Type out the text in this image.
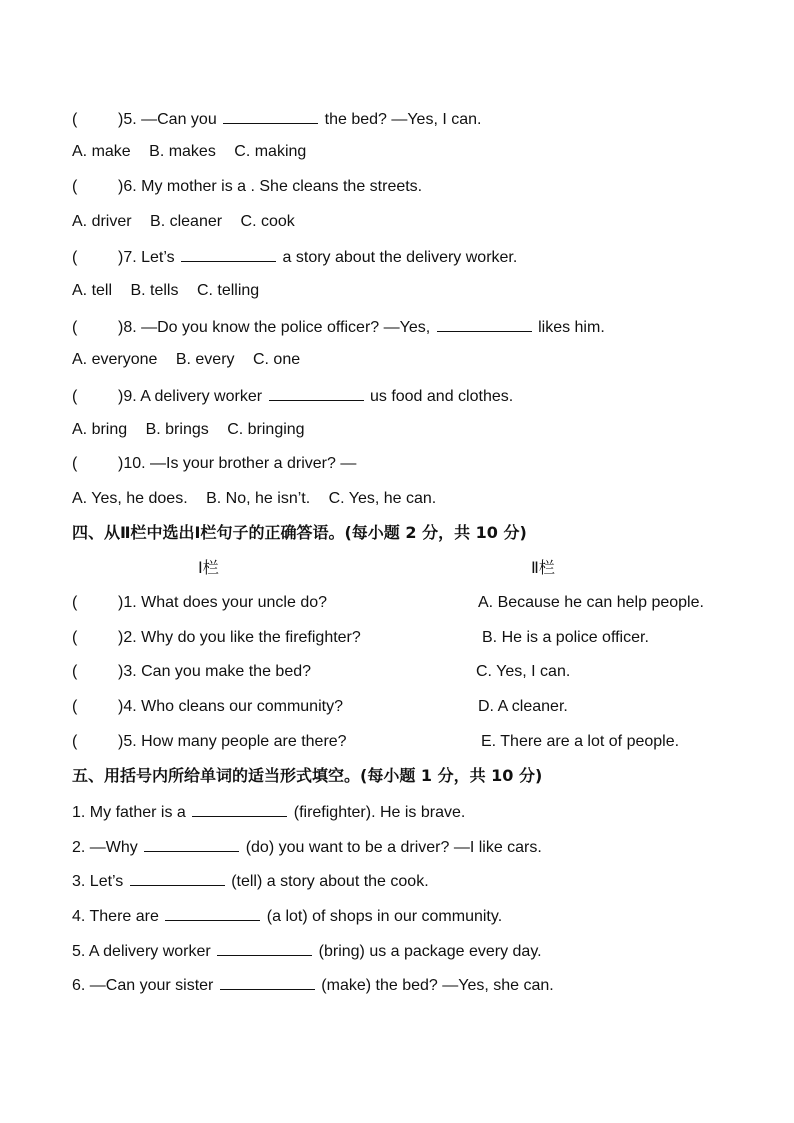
(	)5. —Can you	the bed? —Yes, I can.
A. make B. makes C. making
(	)6. My mother is a . She cleans the streets.
A. driver B. cleaner C. cook
(	)7. Let’s	a story about the delivery worker.
A. tell B. tells C. telling
(	)8. —Do you know the police officer? —Yes,	likes him.
A. everyone B. every C. one
(	)9. A delivery worker	us food and clothes.
A. bring B. brings C. bringing
(	)10. —Is your brother a driver? —
A. Yes, he does. B. No, he isn’t. C. Yes, he can.
四、从Ⅱ栏中选出Ⅰ栏句子的正确答语。(每小题 2 分，共 10 分)
Ⅰ栏	Ⅱ栏
(	)1. What does your uncle do?	A. Because he can help people.
(	)2. Why do you like the firefighter?	B. He is a police officer.
(	)3. Can you make the bed?	C. Yes, I can.
(	)4. Who cleans our community?	D. A cleaner.
(	)5. How many people are there?	E. There are a lot of people.
五、用括号内所给单词的适当形式填空。(每小题 1 分，共 10 分)
1. My father is a	(firefighter). He is brave.
2. —Why	(do) you want to be a driver? —I like cars.
3. Let’s	(tell) a story about the cook.
4. There are	(a lot) of shops in our community.
5. A delivery worker	(bring) us a package every day.
6. —Can your sister	(make) the bed? —Yes, she can.
